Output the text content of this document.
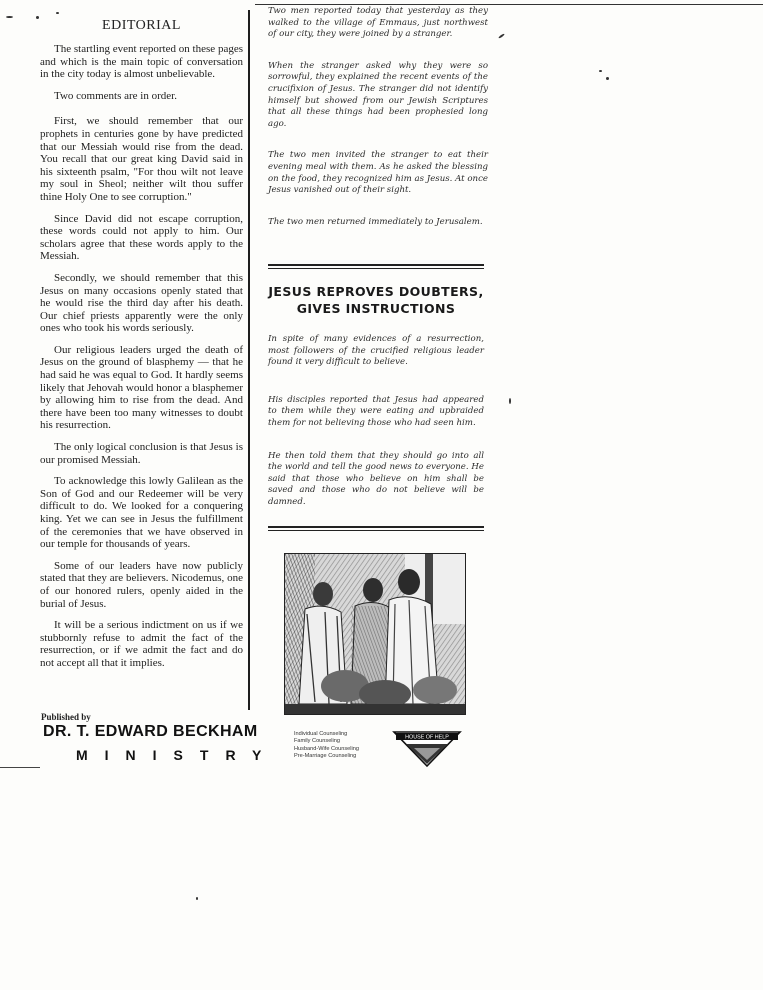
EDITORIAL

The startling event reported on these pages and which is the main topic of conversation in the city today is almost unbelievable.

Two comments are in order.

First, we should remember that our prophets in centuries gone by have predicted that our Messiah would rise from the dead. You recall that our great king David said in his sixteenth psalm, "For thou wilt not leave my soul in Sheol; neither wilt thou suffer thine Holy One to see corruption."

Since David did not escape corruption, these words could not apply to him. Our scholars agree that these words apply to the Messiah.

Secondly, we should remember that this Jesus on many occasions openly stated that he would rise the third day after his death. Our chief priests apparently were the only ones who took his words seriously.

Our religious leaders urged the death of Jesus on the ground of blasphemy — that he had said he was equal to God. It hardly seems likely that Jehovah would honor a blasphemer by allowing him to rise from the dead. And there have been too many witnesses to doubt his resurrection.

The only logical conclusion is that Jesus is our promised Messiah.

To acknowledge this lowly Galilean as the Son of God and our Redeemer will be very difficult to do. We looked for a conquering king. Yet we can see in Jesus the fulfillment of the ceremonies that we have observed in our temple for thousands of years.

Some of our leaders have now publicly stated that they are believers. Nicodemus, one of our honored rulers, openly aided in the burial of Jesus.

It will be a serious indictment on us if we stubbornly refuse to admit the fact of the resurrection, or if we admit the fact and do not accept all that it implies.

Published by
DR. T. EDWARD BECKHAM
MINISTRY

Two men reported today that yesterday as they walked to the village of Emmaus, just northwest of our city, they were joined by a stranger.

When the stranger asked why they were so sorrowful, they explained the recent events of the crucifixion of Jesus. The stranger did not identify himself but showed from our Jewish Scriptures that all these things had been prophesied long ago.

The two men invited the stranger to eat their evening meal with them. As he asked the blessing on the food, they recognized him as Jesus. At once Jesus vanished out of their sight.

The two men returned immediately to Jerusalem.

JESUS REPROVES DOUBTERS,
GIVES INSTRUCTIONS

In spite of many evidences of a resurrection, most followers of the crucified religious leader found it very difficult to believe.

His disciples reported that Jesus had appeared to them while they were eating and upbraided them for not believing those who had seen him.

He then told them that they should go into all the world and tell the good news to everyone. He said that those who believe on him shall be saved and those who do not believe will be damned.

Individual Counseling
Family Counseling
Husband-Wife Counseling
Pre-Marriage Counseling
HOUSE OF HELP
